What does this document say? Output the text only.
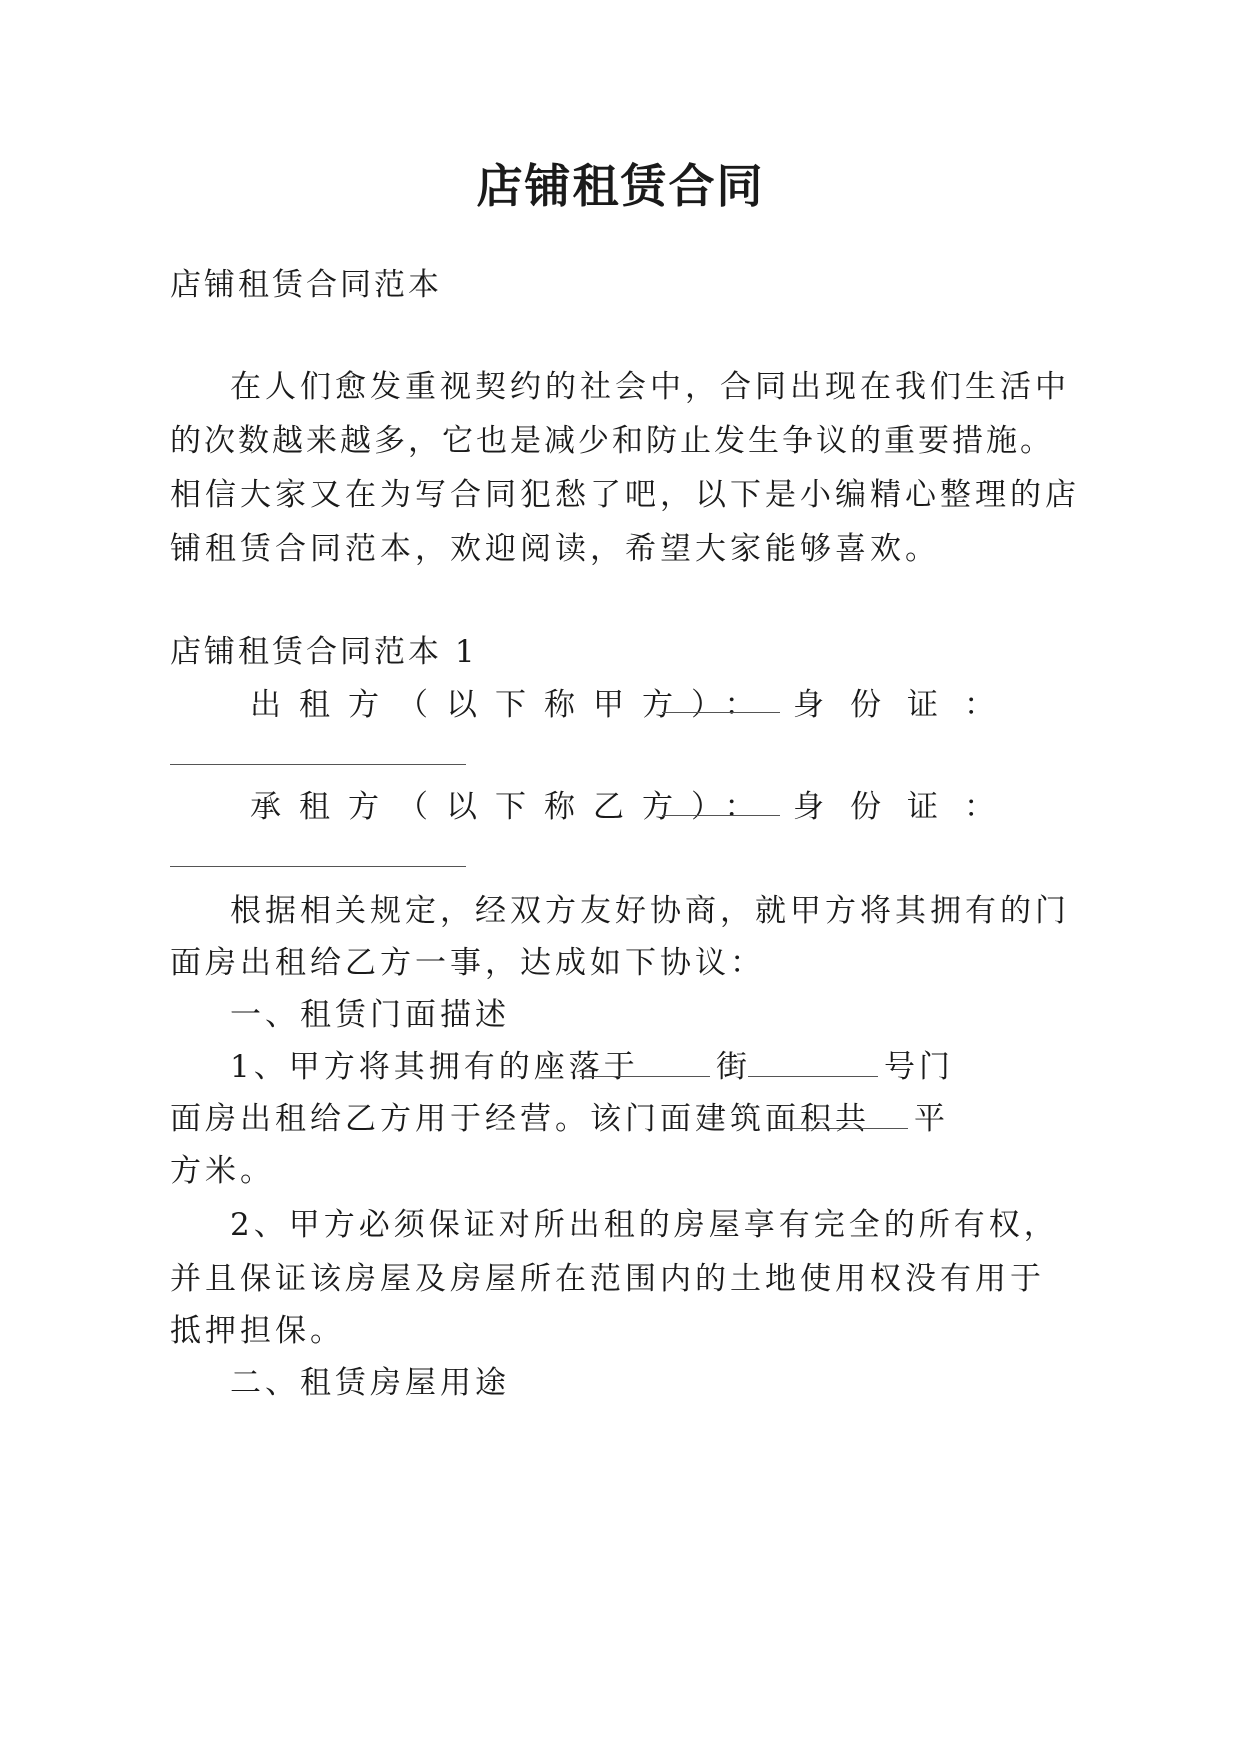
店铺租赁合同
店铺租赁合同范本
在人们愈发重视契约的社会中，合同出现在我们生活中
的次数越来越多，它也是减少和防止发生争议的重要措施。
相信大家又在为写合同犯愁了吧，以下是小编精心整理的店
铺租赁合同范本，欢迎阅读，希望大家能够喜欢。
店铺租赁合同范本 1
出租方（以下称甲方）： 身份证：
承租方（以下称乙方）： 身份证：
根据相关规定，经双方友好协商，就甲方将其拥有的门
面房出租给乙方一事，达成如下协议：
一、租赁门面描述
1、甲方将其拥有的座落于 街	号门
面房出租给乙方用于经营。该门面建筑面积共 平
方米。
2、甲方必须保证对所出租的房屋享有完全的所有权，
并且保证该房屋及房屋所在范围内的土地使用权没有用于
抵押担保。
二、租赁房屋用途
